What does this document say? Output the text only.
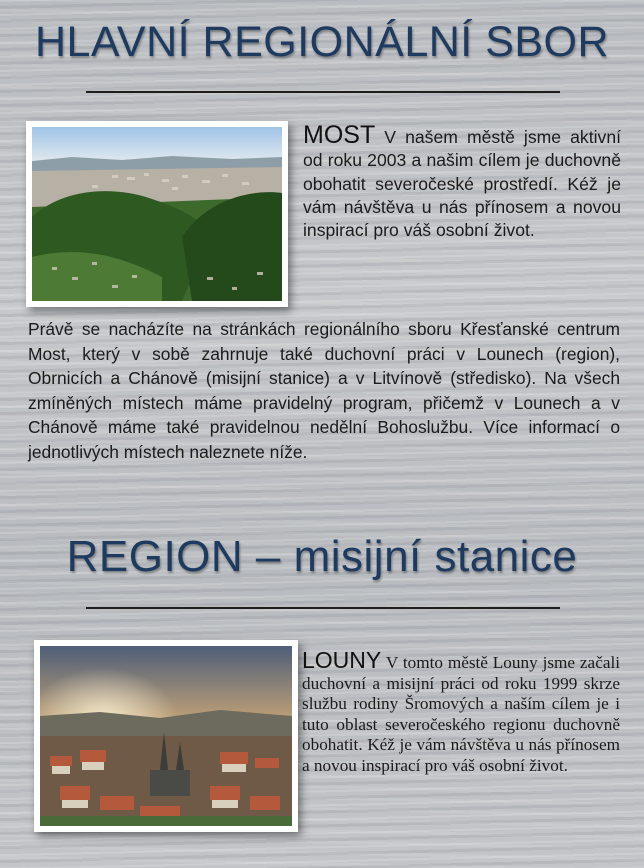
HLAVNÍ REGIONÁLNÍ SBOR
MOST V našem městě jsme aktivní od roku 2003 a našim cílem je duchovně obohatit severočeské prostředí. Kéž je vám návštěva u nás přínosem a novou inspirací pro váš osobní život.
Právě se nacházíte na stránkách regionálního sboru Křesťanské centrum Most, který v sobě zahrnuje také duchovní práci v Lounech (region), Obrnicích a Chánově (misijní stanice) a v Litvínově (středisko). Na všech zmíněných místech máme pravidelný program, přičemž v Lounech a v Chánově máme také pravidelnou nedělní Bohoslužbu. Více informací o jednotlivých místech naleznete níže.
REGION – misijní stanice
LOUNY V tomto městě Louny jsme začali duchovní a misijní práci od roku 1999 skrze službu rodiny Šromových a naším cílem je i tuto oblast severočeského regionu duchovně obohatit. Kéž je vám návštěva u nás přínosem a novou inspirací pro váš osobní život.
